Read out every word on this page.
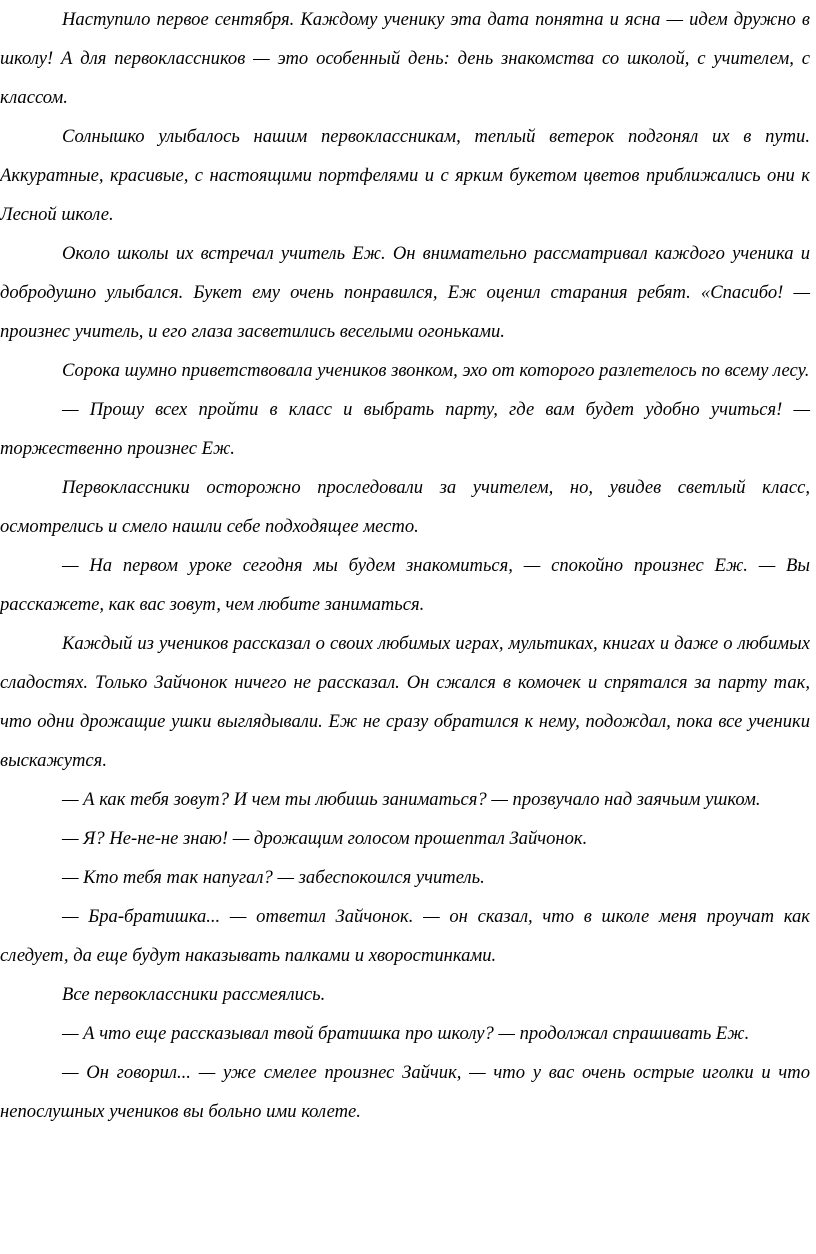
Наступило первое сентября. Каждому ученику эта дата понятна и ясна — идем дружно в школу! А для первоклассников — это особенный день: день знакомства со школой, с учителем, с классом.

Солнышко улыбалось нашим первоклассникам, теплый ветерок подгонял их в пути. Аккуратные, красивые, с настоящими портфелями и с ярким букетом цветов приближались они к Лесной школе.

Около школы их встречал учитель Еж. Он внимательно рассматривал каждого ученика и добродушно улыбался. Букет ему очень понравился, Еж оценил старания ребят. «Спасибо! — произнес учитель, и его глаза засветились веселыми огоньками.

Сорока шумно приветствовала учеников звонком, эхо от которого разлетелось по всему лесу.

— Прошу всех пройти в класс и выбрать парту, где вам будет удобно учиться! — торжественно произнес Еж.

Первоклассники осторожно проследовали за учителем, но, увидев светлый класс, осмотрелись и смело нашли себе подходящее место.

— На первом уроке сегодня мы будем знакомиться, — спокойно произнес Еж. — Вы расскажете, как вас зовут, чем любите заниматься.

Каждый из учеников рассказал о своих любимых играх, мультиках, книгах и даже о любимых сладостях. Только Зайчонок ничего не рассказал. Он сжался в комочек и спрятался за парту так, что одни дрожащие ушки выглядывали. Еж не сразу обратился к нему, подождал, пока все ученики выскажутся.

— А как тебя зовут? И чем ты любишь заниматься? — прозвучало над заячьим ушком.

— Я? Не-не-не знаю! — дрожащим голосом прошептал Зайчонок.

— Кто тебя так напугал? — забеспокоился учитель.

— Бра-братишка... — ответил Зайчонок. — он сказал, что в школе меня проучат как следует, да еще будут наказывать палками и хворостинками.

Все первоклассники рассмеялись.

— А что еще рассказывал твой братишка про школу? — продолжал спрашивать Еж.

— Он говорил... — уже смелее произнес Зайчик, — что у вас очень острые иголки и что непослушных учеников вы больно ими колете.
